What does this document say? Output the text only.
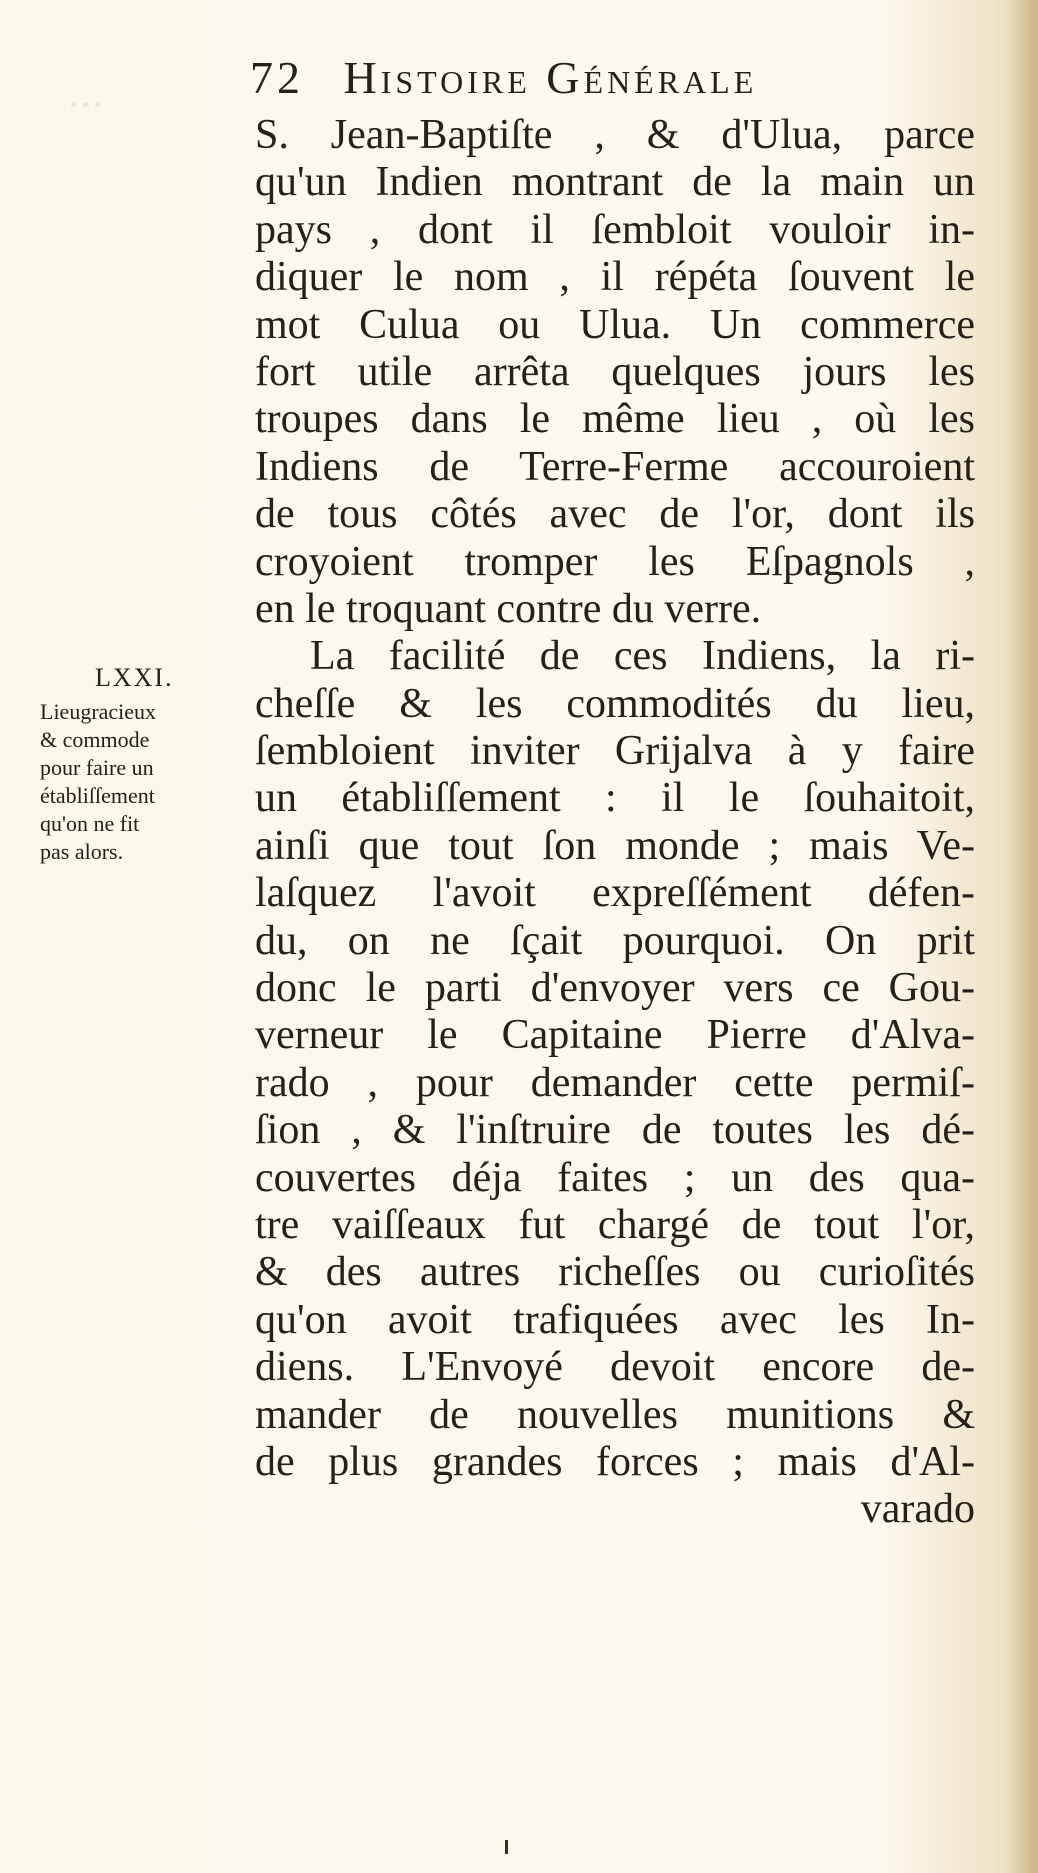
• • •
72 Histoire Générale
S. Jean-Baptiſte , & d'Ulua, parce
qu'un Indien montrant de la main un
pays , dont il ſembloit vouloir in-
diquer le nom , il répéta ſouvent le
mot Culua ou Ulua. Un commerce
fort utile arrêta quelques jours les
troupes dans le même lieu , où les
Indiens de Terre-Ferme accouroient
de tous côtés avec de l'or, dont ils
croyoient tromper les Eſpagnols ,
en le troquant contre du verre.
La facilité de ces Indiens, la ri-
cheſſe & les commodités du lieu,
ſembloient inviter Grijalva à y faire
un établiſſement : il le ſouhaitoit,
ainſi que tout ſon monde ; mais Ve-
laſquez l'avoit expreſſément défen-
du, on ne ſçait pourquoi. On prit
donc le parti d'envoyer vers ce Gou-
verneur le Capitaine Pierre d'Alva-
rado , pour demander cette permiſ-
ſion , & l'inſtruire de toutes les dé-
couvertes déja faites ; un des qua-
tre vaiſſeaux fut chargé de tout l'or,
& des autres richeſſes ou curioſités
qu'on avoit trafiquées avec les In-
diens. L'Envoyé devoit encore de-
mander de nouvelles munitions &
de plus grandes forces ; mais d'Al-
varado
LXXI.
Lieugracieux
& commode
pour faire un
établiſſement
qu'on ne fit
pas alors.
